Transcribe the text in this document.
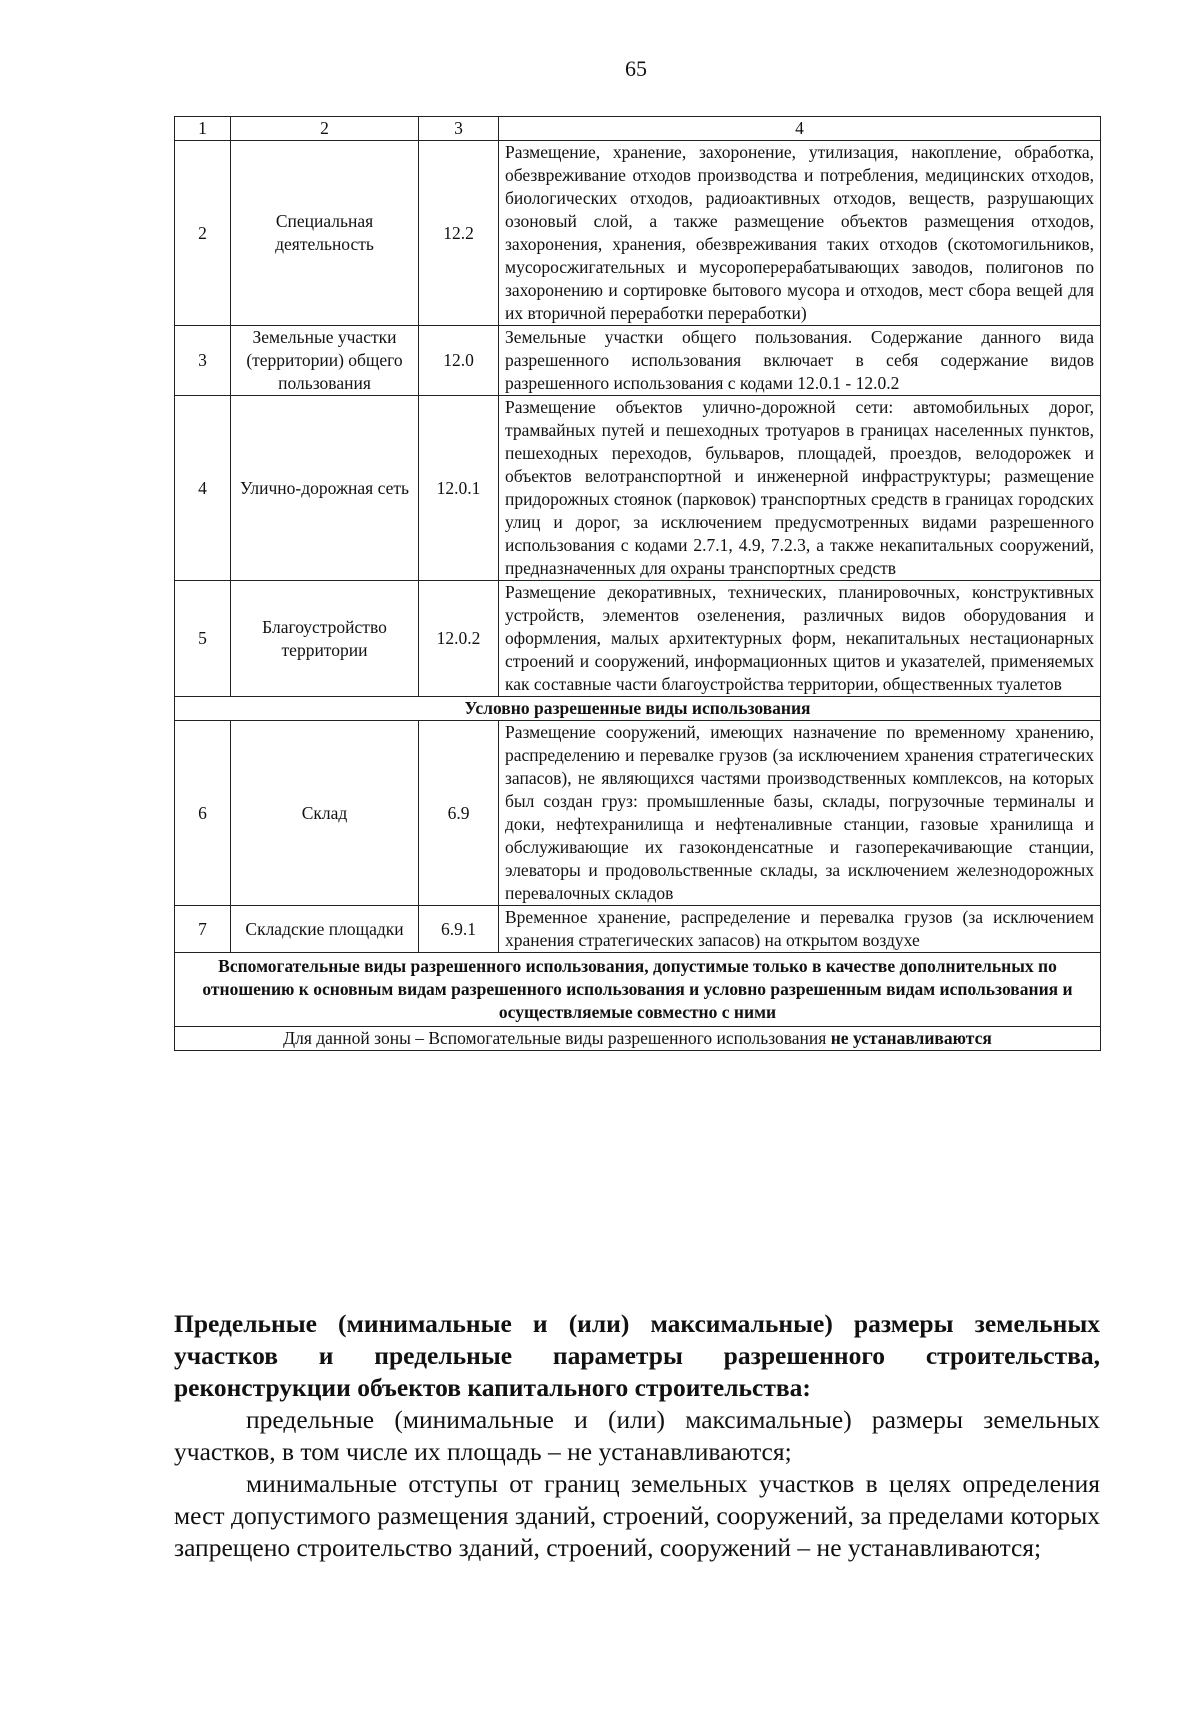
65
1	2	3	4
2	Специальная деятельность	12.2	Размещение, хранение, захоронение, утилизация, накопление, обработка, обезвреживание отходов производства и потребления, медицинских отходов, биологических отходов, радиоактивных отходов, веществ, разрушающих озоновый слой, а также размещение объектов размещения отходов, захоронения, хранения, обезвреживания таких отходов (скотомогильников, мусоросжигательных и мусороперерабатывающих заводов, полигонов по захоронению и сортировке бытового мусора и отходов, мест сбора вещей для их вторичной переработки переработки)
3	Земельные участки (территории) общего пользования	12.0	Земельные участки общего пользования. Содержание данного вида разрешенного использования включает в себя содержание видов разрешенного использования с кодами 12.0.1 - 12.0.2
4	Улично-дорожная сеть	12.0.1	Размещение объектов улично-дорожной сети: автомобильных дорог, трамвайных путей и пешеходных тротуаров в границах населенных пунктов, пешеходных переходов, бульваров, площадей, проездов, велодорожек и объектов велотранспортной и инженерной инфраструктуры; размещение придорожных стоянок (парковок) транспортных средств в границах городских улиц и дорог, за исключением предусмотренных видами разрешенного использования с кодами 2.7.1, 4.9, 7.2.3, а также некапитальных сооружений, предназначенных для охраны транспортных средств
5	Благоустройство территории	12.0.2	Размещение декоративных, технических, планировочных, конструктивных устройств, элементов озеленения, различных видов оборудования и оформления, малых архитектурных форм, некапитальных нестационарных строений и сооружений, информационных щитов и указателей, применяемых как составные части благоустройства территории, общественных туалетов
Условно разрешенные виды использования			
6	Склад	6.9	Размещение сооружений, имеющих назначение по временному хранению, распределению и перевалке грузов (за исключением хранения стратегических запасов), не являющихся частями производственных комплексов, на которых был создан груз: промышленные базы, склады, погрузочные терминалы и доки, нефтехранилища и нефтеналивные станции, газовые хранилища и обслуживающие их газоконденсатные и газоперекачивающие станции, элеваторы и продовольственные склады, за исключением железнодорожных перевалочных складов
7	Складские площадки	6.9.1	Временное хранение, распределение и перевалка грузов (за исключением хранения стратегических запасов) на открытом воздухе
Вспомогательные виды разрешенного использования, допустимые только в качестве дополнительных по отношению к основным видам разрешенного использования и условно разрешенным видам использования и осуществляемые совместно с ними			
Для данной зоны – Вспомогательные виды разрешенного использования не устанавливаются			
Предельные (минимальные и (или) максимальные) размеры земельных участков и предельные параметры разрешенного строительства, реконструкции объектов капитального строительства:
предельные (минимальные и (или) максимальные) размеры земельных участков, в том числе их площадь – не устанавливаются;
минимальные отступы от границ земельных участков в целях определения мест допустимого размещения зданий, строений, сооружений, за пределами которых запрещено строительство зданий, строений, сооружений – не устанавливаются;
